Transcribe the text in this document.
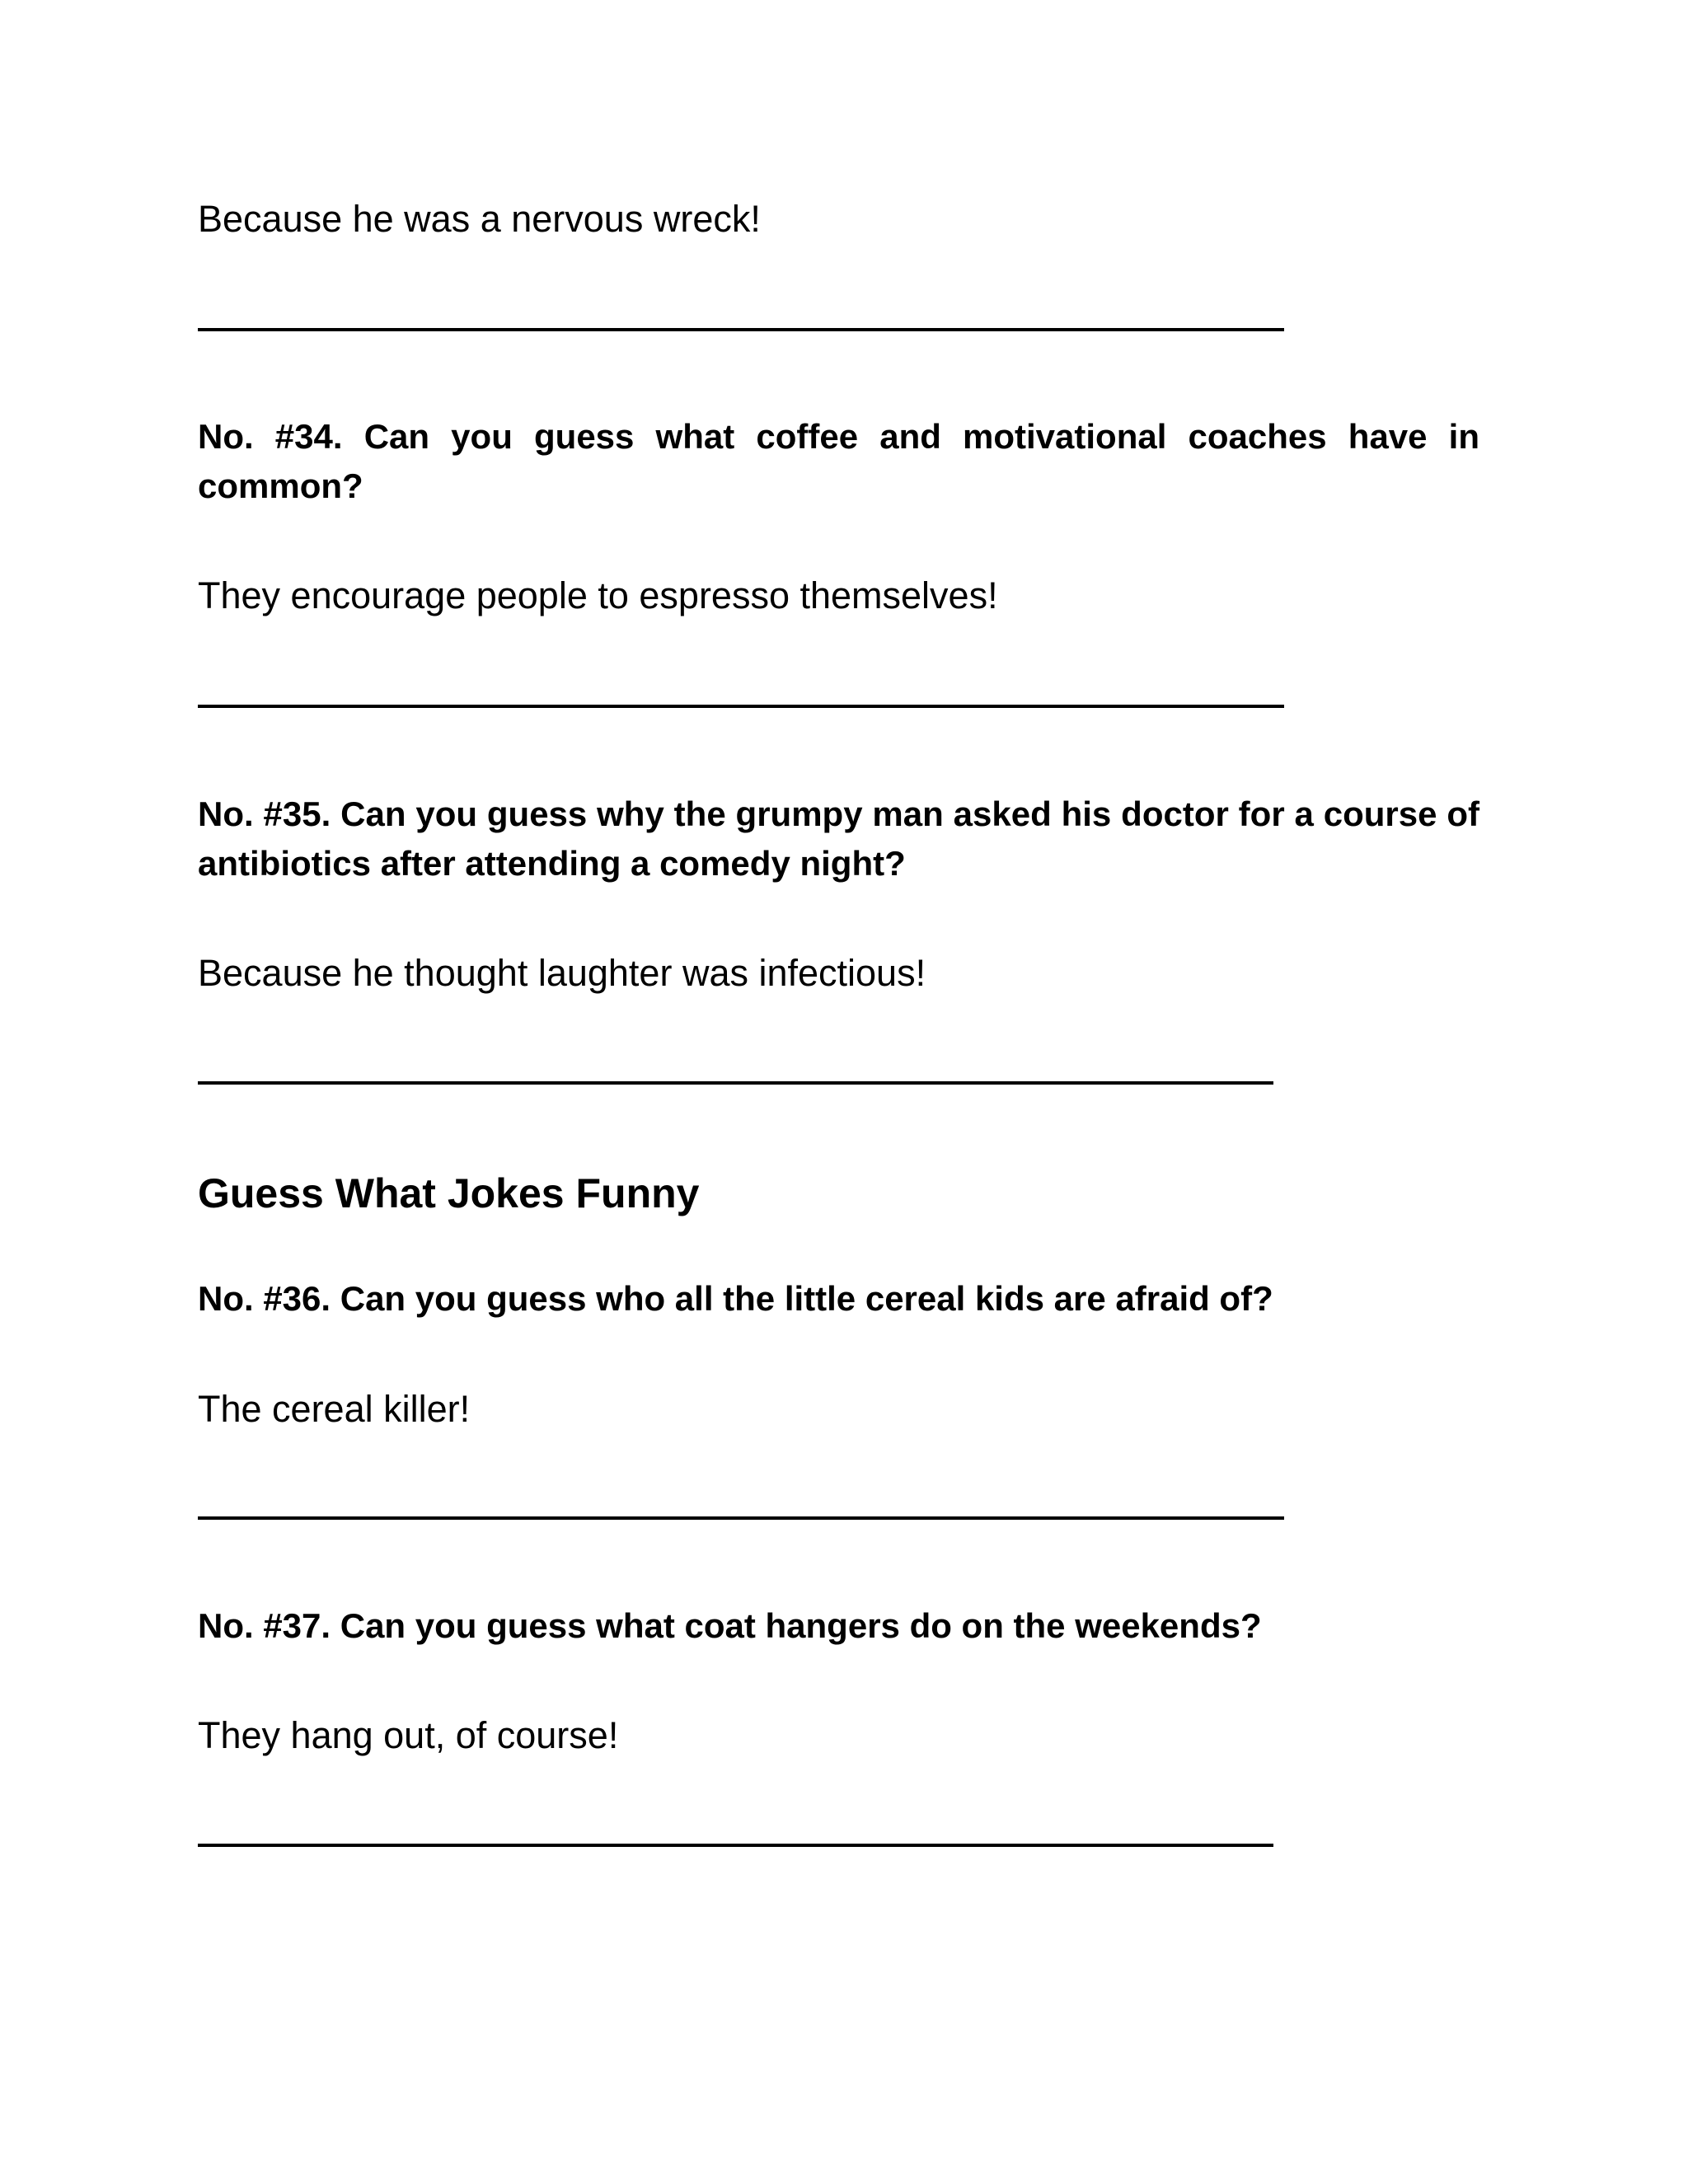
Because he was a nervous wreck!

No. #34. Can you guess what coffee and motivational coaches have in common?

They encourage people to espresso themselves!

No. #35. Can you guess why the grumpy man asked his doctor for a course of antibiotics after attending a comedy night?

Because he thought laughter was infectious!

Guess What Jokes Funny

No. #36. Can you guess who all the little cereal kids are afraid of?

The cereal killer!

No. #37. Can you guess what coat hangers do on the weekends?

They hang out, of course!
